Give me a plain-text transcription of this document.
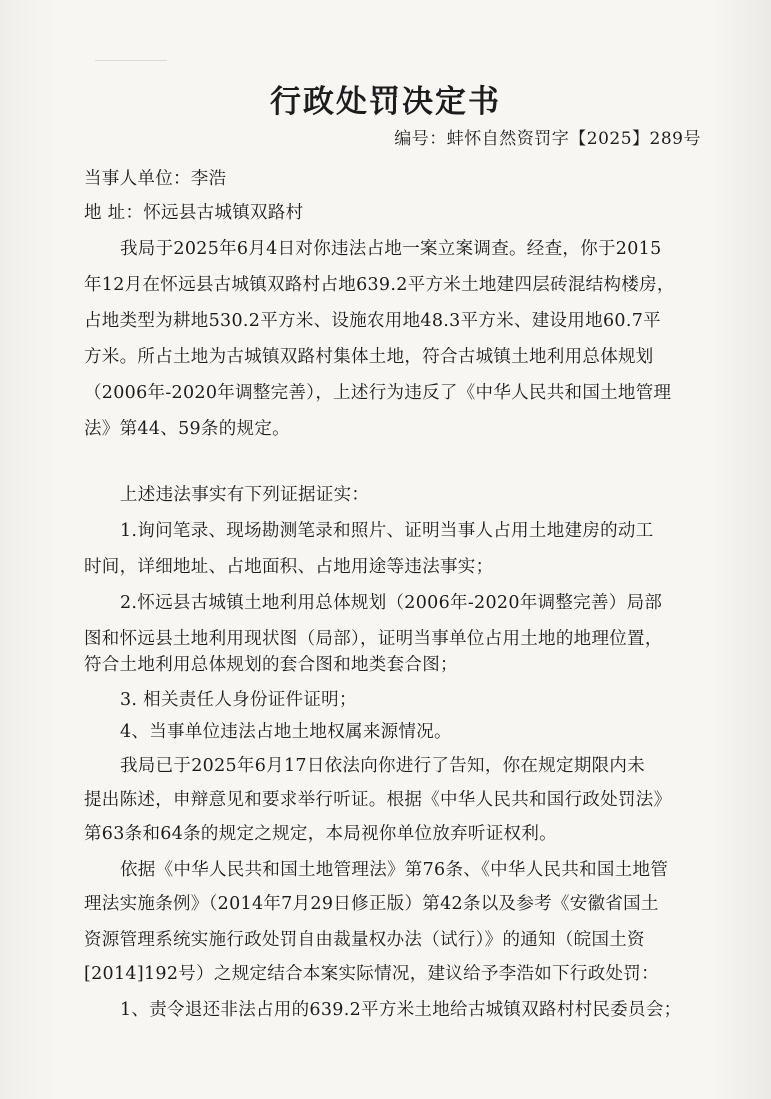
行政处罚决定书
编号：蚌怀自然资罚字【2025】289号
当事人单位：李浩
地 址：怀远县古城镇双路村
我局于2025年6月4日对你违法占地一案立案调查。经查，你于2015
年12月在怀远县古城镇双路村占地639.2平方米土地建四层砖混结构楼房，
占地类型为耕地530.2平方米、设施农用地48.3平方米、建设用地60.7平
方米。所占土地为古城镇双路村集体土地，符合古城镇土地利用总体规划
（2006年-2020年调整完善），上述行为违反了《中华人民共和国土地管理
法》第44、59条的规定。
上述违法事实有下列证据证实：
1.询问笔录、现场勘测笔录和照片、证明当事人占用土地建房的动工
时间，详细地址、占地面积、占地用途等违法事实；
2.怀远县古城镇土地利用总体规划（2006年-2020年调整完善）局部
图和怀远县土地利用现状图（局部），证明当事单位占用土地的地理位置，
符合土地利用总体规划的套合图和地类套合图；
3. 相关责任人身份证件证明；
4、当事单位违法占地土地权属来源情况。
我局已于2025年6月17日依法向你进行了告知，你在规定期限内未
提出陈述，申辩意见和要求举行听证。根据《中华人民共和国行政处罚法》
第63条和64条的规定之规定，本局视你单位放弃听证权利。
依据《中华人民共和国土地管理法》第76条、《中华人民共和国土地管
理法实施条例》（2014年7月29日修正版）第42条以及参考《安徽省国土
资源管理系统实施行政处罚自由裁量权办法（试行）》的通知（皖国土资
[2014]192号）之规定结合本案实际情况，建议给予李浩如下行政处罚：
1、责令退还非法占用的639.2平方米土地给古城镇双路村村民委员会；
